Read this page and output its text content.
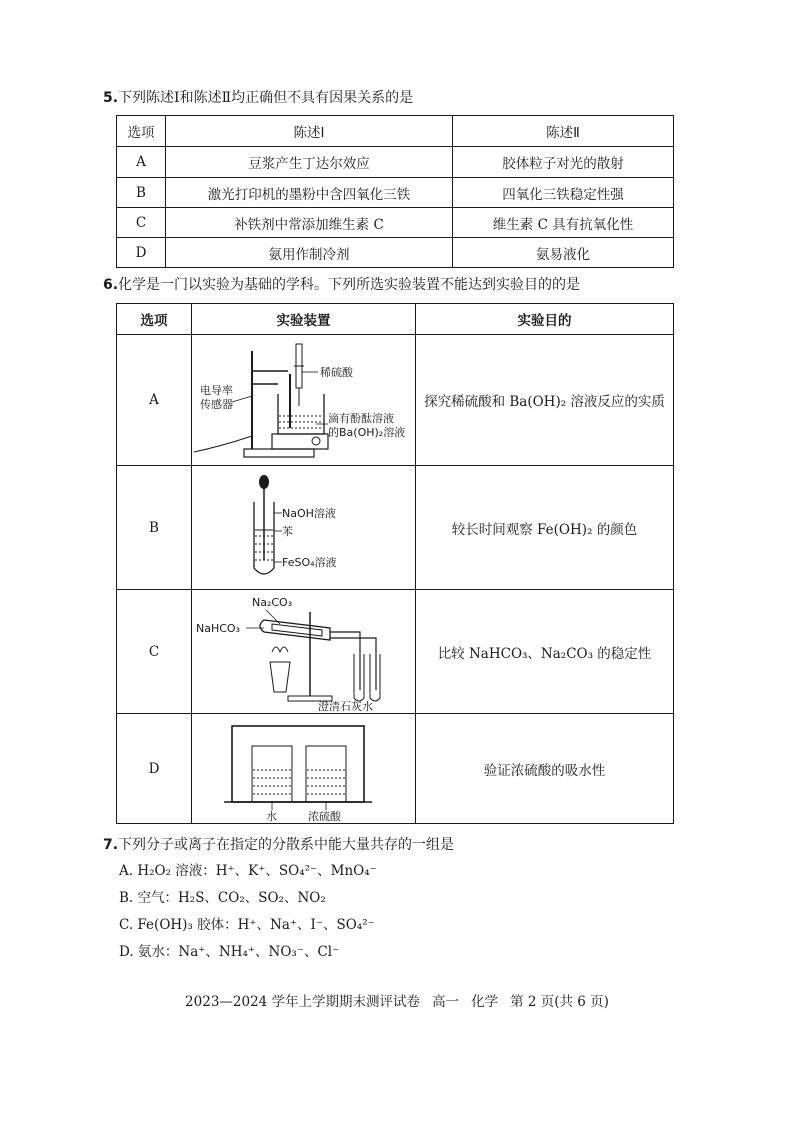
5.下列陈述Ⅰ和陈述Ⅱ均正确但不具有因果关系的是
选项	陈述Ⅰ	陈述Ⅱ
A	豆浆产生丁达尔效应	胶体粒子对光的散射
B	激光打印机的墨粉中含四氧化三铁	四氧化三铁稳定性强
C	补铁剂中常添加维生素 C	维生素 C 具有抗氧化性
D	氨用作制冷剂	氨易液化
6.化学是一门以实验为基础的学科。下列所选实验装置不能达到实验目的的是
选项	实验装置	实验目的
A	电导率
传感器
稀硫酸
滴有酚酞溶液
的Ba(OH)₂溶液	探究稀硫酸和 Ba(OH)₂ 溶液反应的实质
B	NaOH溶液
苯
FeSO₄溶液	较长时间观察 Fe(OH)₂ 的颜色
C	Na₂CO₃
NaHCO₃
澄清石灰水	比较 NaHCO₃、Na₂CO₃ 的稳定性
D	水 浓硫酸	验证浓硫酸的吸水性
7.下列分子或离子在指定的分散系中能大量共存的一组是
A. H₂O₂ 溶液：H⁺、K⁺、SO₄²⁻、MnO₄⁻
B. 空气：H₂S、CO₂、SO₂、NO₂
C. Fe(OH)₃ 胶体：H⁺、Na⁺、I⁻、SO₄²⁻
D. 氨水：Na⁺、NH₄⁺、NO₃⁻、Cl⁻
2023—2024 学年上学期期末测评试卷 高一 化学 第 2 页(共 6 页)
